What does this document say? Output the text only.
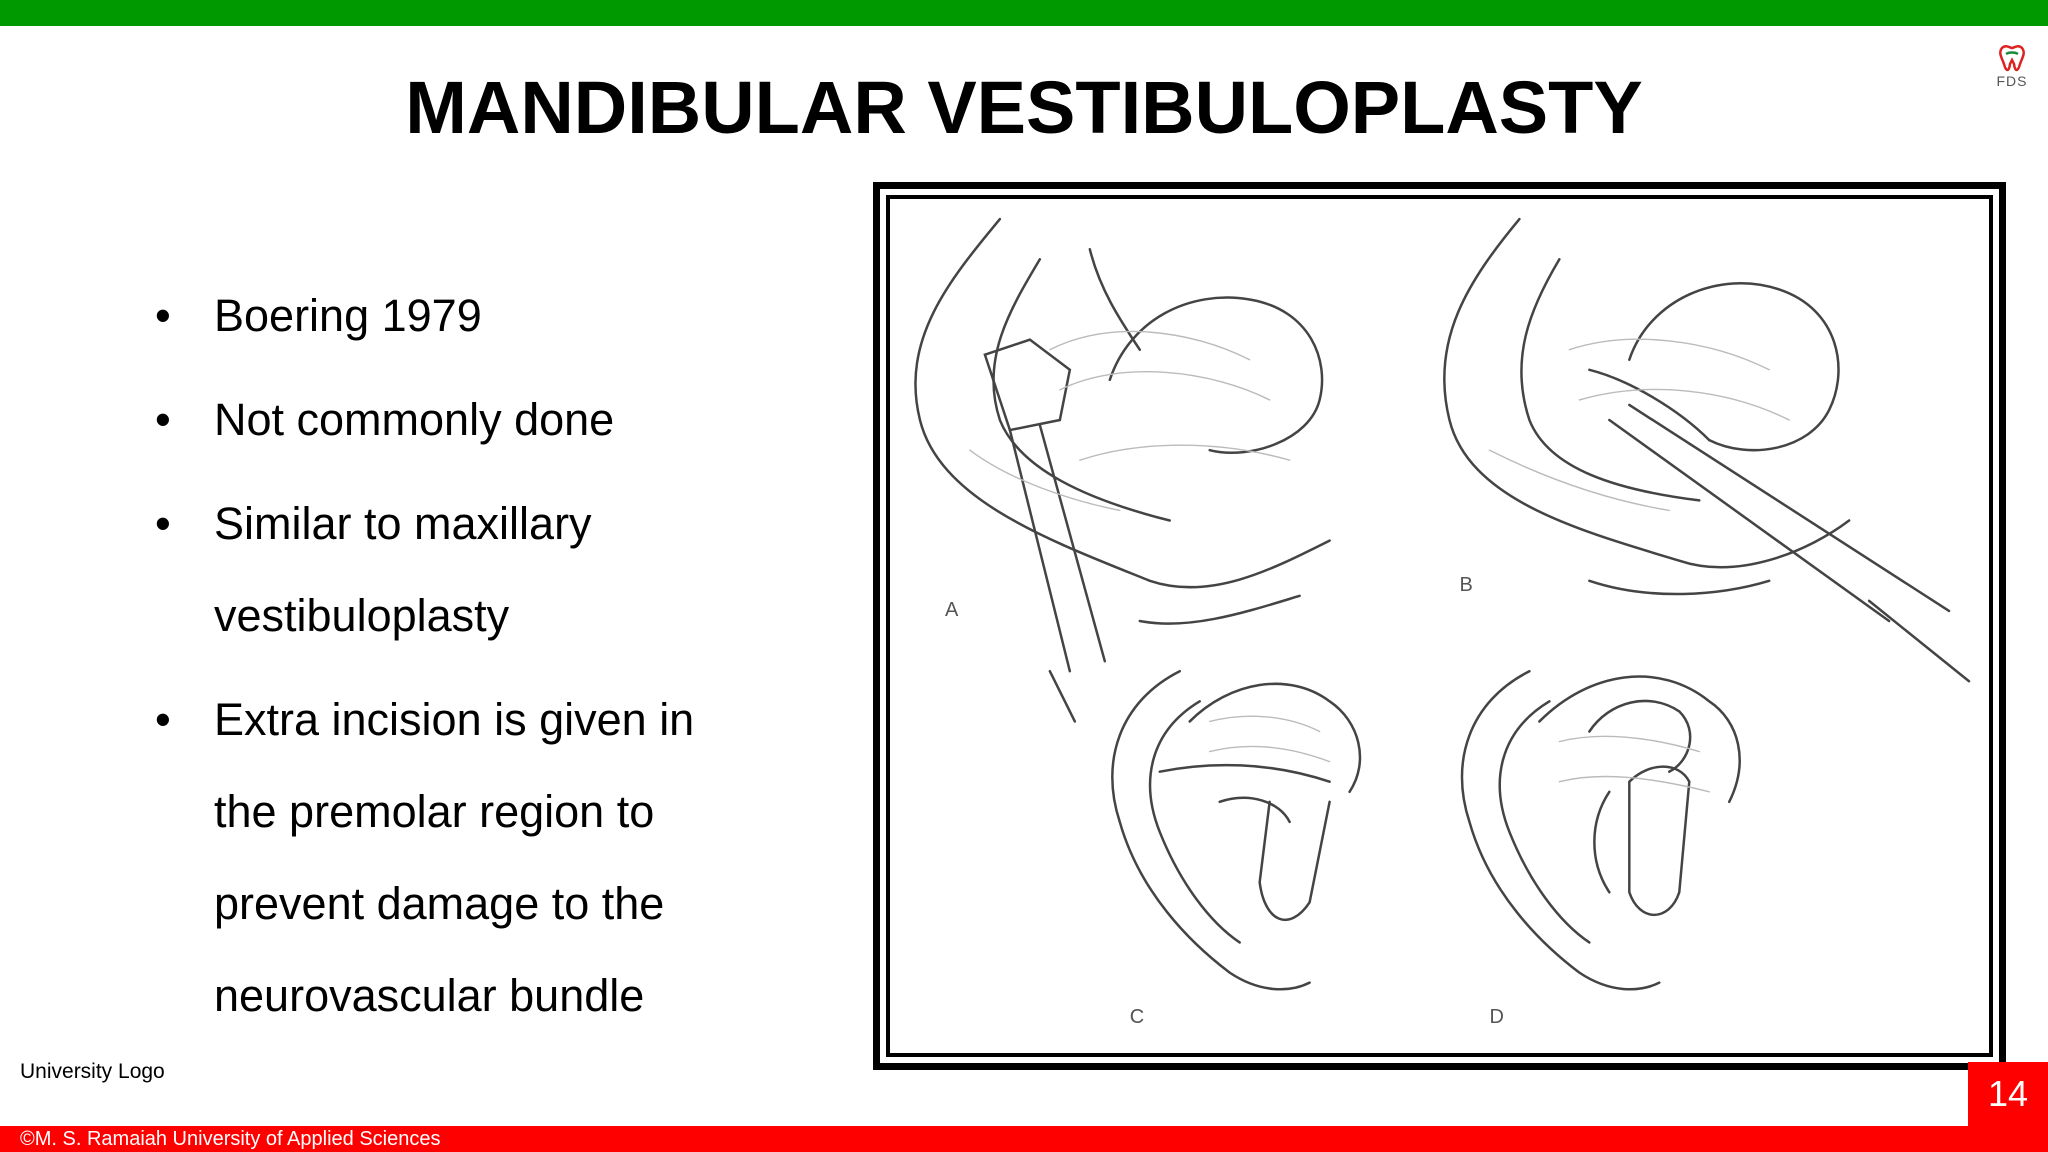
FDS
MANDIBULAR VESTIBULOPLASTY
• Boering 1979
• Not commonly done
• Similar to maxillary vestibuloplasty
• Extra incision is given in the premolar region to prevent damage to the neurovascular bundle
A
B
C	D
University Logo
14
©M. S. Ramaiah University of Applied Sciences
